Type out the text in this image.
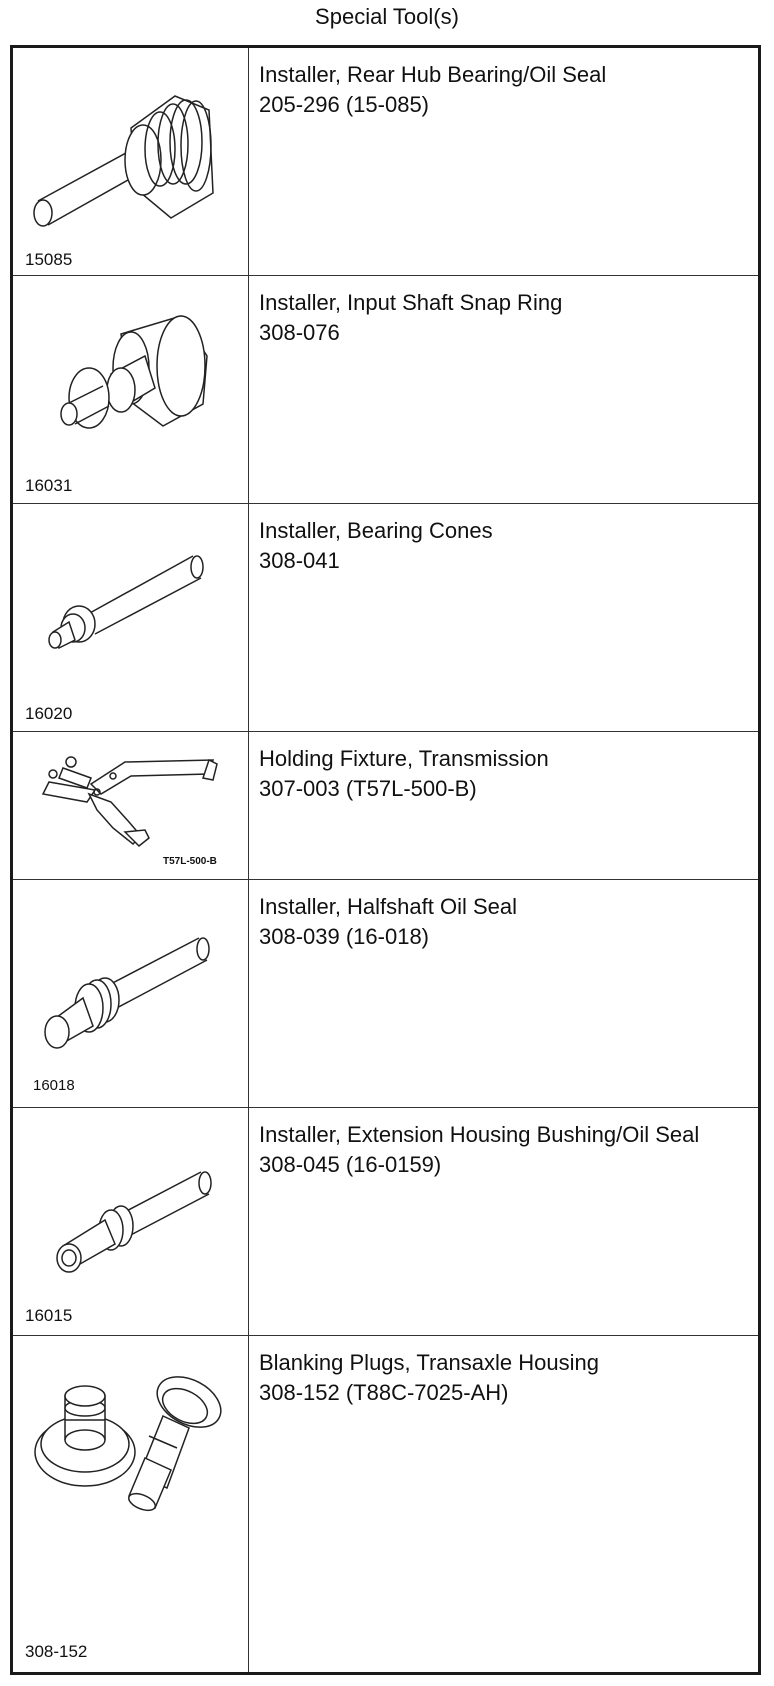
Special Tool(s)
15085
Installer, Rear Hub Bearing/Oil Seal
205-296 (15-085)
16031
Installer, Input Shaft Snap Ring
308-076
16020
Installer, Bearing Cones
308-041
T57L-500-B
Holding Fixture, Transmission
307-003 (T57L-500-B)
16018
Installer, Halfshaft Oil Seal
308-039 (16-018)
16015
Installer, Extension Housing Bushing/Oil Seal
308-045 (16-0159)
308-152
Blanking Plugs, Transaxle Housing
308-152 (T88C-7025-AH)
